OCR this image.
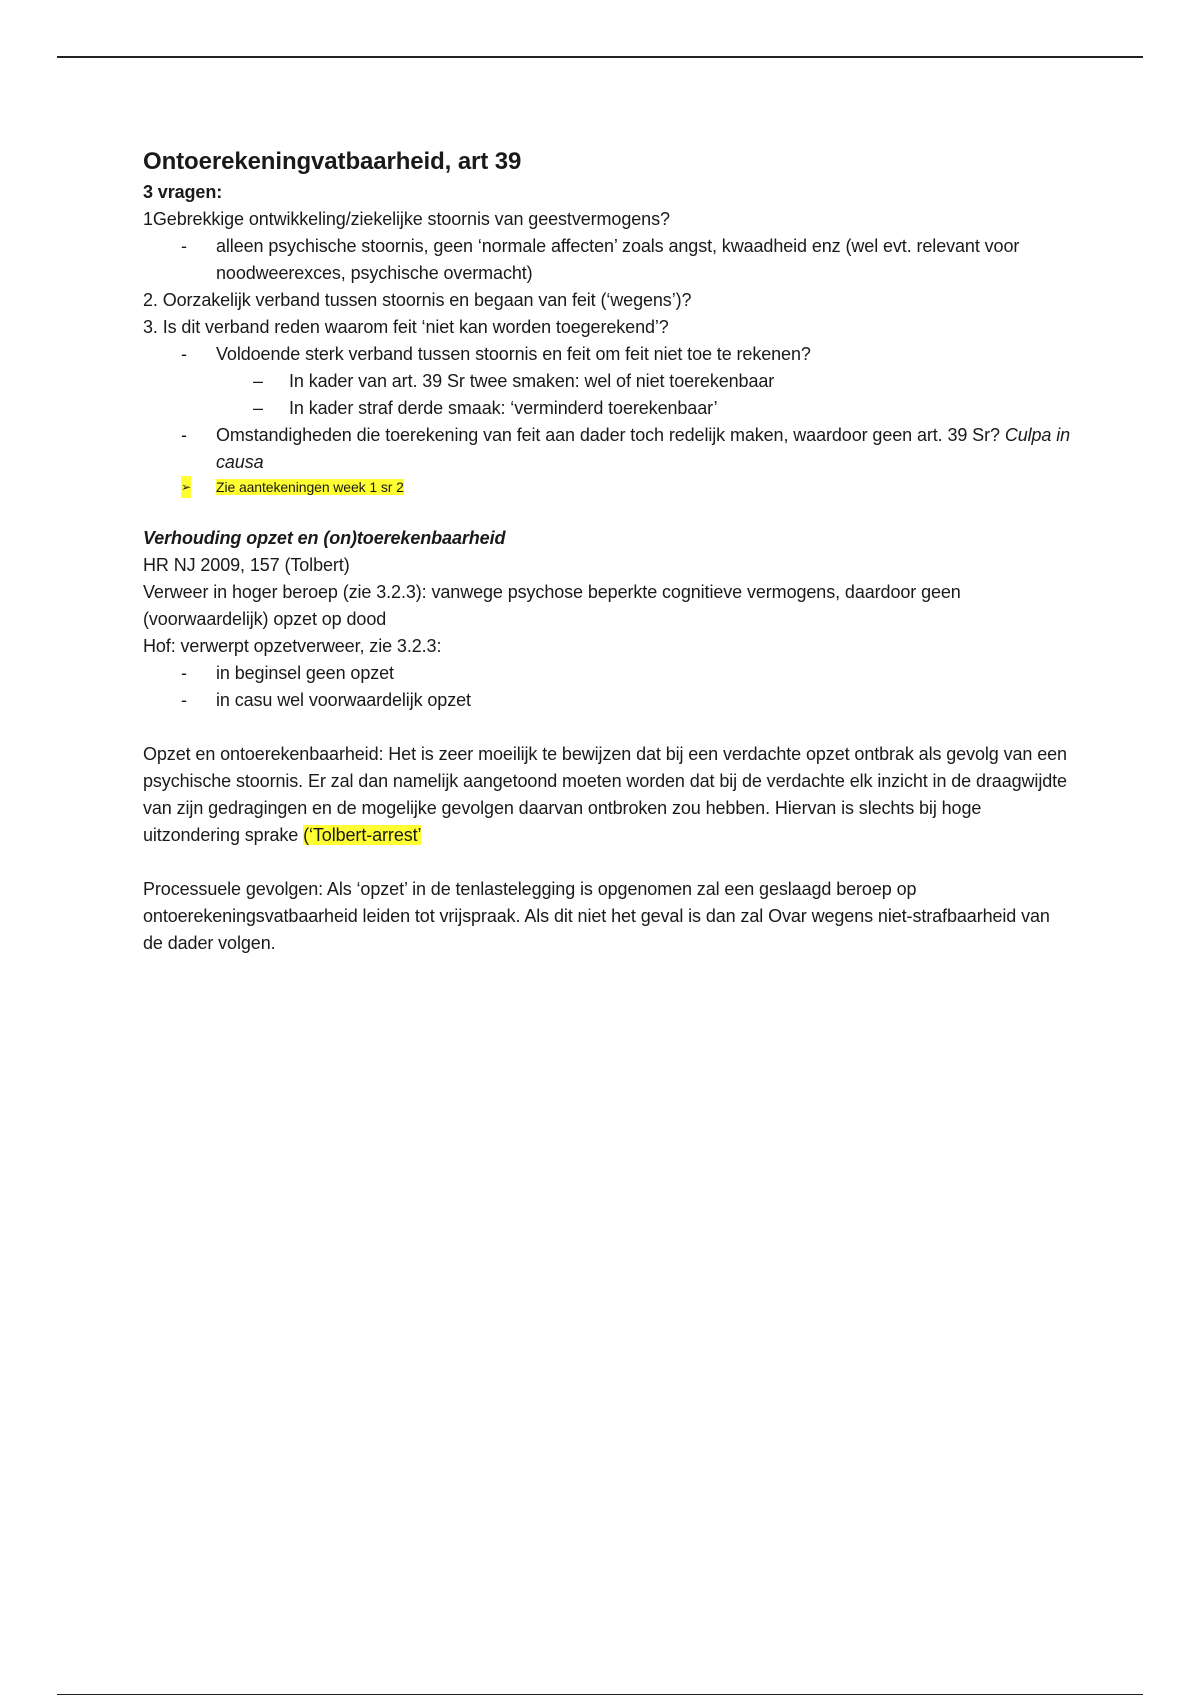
Ontoerekeningvatbaarheid, art 39

3 vragen:

1Gebrekkige ontwikkeling/ziekelijke stoornis van geestvermogens?

- alleen psychische stoornis, geen ‘normale affecten’ zoals angst, kwaadheid enz (wel evt. relevant voor noodweerexces, psychische overmacht)

2. Oorzakelijk verband tussen stoornis en begaan van feit (‘wegens’)?

3. Is dit verband reden waarom feit ‘niet kan worden toegerekend’?

- Voldoende sterk verband tussen stoornis en feit om feit niet toe te rekenen?
– In kader van art. 39 Sr twee smaken: wel of niet toerekenbaar
– In kader straf derde smaak: ‘verminderd toerekenbaar’
- Omstandigheden die toerekening van feit aan dader toch redelijk maken, waardoor geen art. 39 Sr? Culpa in causa
➢ Zie aantekeningen week 1 sr 2

Verhouding opzet en (on)toerekenbaarheid

HR NJ 2009, 157 (Tolbert)

Verweer in hoger beroep (zie 3.2.3): vanwege psychose beperkte cognitieve vermogens, daardoor geen (voorwaardelijk) opzet op dood

Hof: verwerpt opzetverweer, zie 3.2.3:

- in beginsel geen opzet
- in casu wel voorwaardelijk opzet

Opzet en ontoerekenbaarheid: Het is zeer moeilijk te bewijzen dat bij een verdachte opzet ontbrak als gevolg van een psychische stoornis. Er zal dan namelijk aangetoond moeten worden dat bij de verdachte elk inzicht in de draagwijdte van zijn gedragingen en de mogelijke gevolgen daarvan ontbroken zou hebben. Hiervan is slechts bij hoge uitzondering sprake (‘Tolbert-arrest’

Processuele gevolgen: Als ‘opzet’ in de tenlastelegging is opgenomen zal een geslaagd beroep op ontoerekeningsvatbaarheid leiden tot vrijspraak. Als dit niet het geval is dan zal Ovar wegens niet-strafbaarheid van de dader volgen.
